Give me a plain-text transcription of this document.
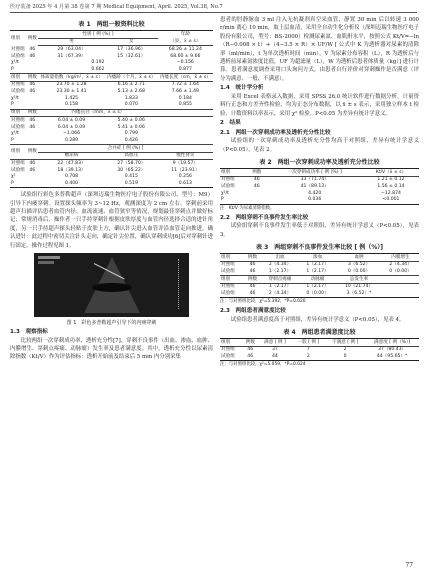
医疗装备 2025 年 4 月第 38 卷第 7 期 Medical Equipment, April. 2025, Vol.38, No.7
表 1　两组一般资料比较
组别	例数	性别 [ 例 (%) ]		年龄
		男	女	（岁，x̄ ± s）
对照组	46	29（63.04）	17（36.96）	68.26 ± 11.24
试验组	46	31（67.39）	15（32.61）	68.60 ± 9.66
χ²/t		0.192		−0.156
P		0.662		0.877
组别	例数	体质量指数（kg/m²，x̄ ± s）	内瘘龄（个月，x̄ ± s）	内瘘长度（cm，x̄ ± s）
对照组	46	23.70 ± 1.28	6.16 ± 2.71	7.72 ± 1.64
试验组	46	23.30 ± 1.41	5.13 ± 2.68	7.66 ± 1.49
χ²/t		1.425	1.833	0.184
P		0.158	0.070	0.855
组别	例数	内瘘直径（mm，x̄ ± s）		
对照组	46	6.04 ± 0.09	5.40 ± 0.06	
试验组	46	6.04 ± 0.09	5.41 ± 0.06	
χ²/t		−1.066	0.799	
P		0.289	0.426	
组别	例数	合并症 [ 例 (%) ]		
		糖尿病	高血压	慢性肾炎
对照组	46	22（47.83）	27（58.70）	9（19.57）
试验组	46	18（39.13）	30（65.22）	11（23.91）
χ²		0.708	0.415	0.256
P		0.400	0.519	0.613

试验组行彩色多普勒超声（深圳迈瑞生物医疗电子股份有限公司，型号：M9）引导下内瘘穿刺。设置探头频率为 3~12 Hz，观测深度为 2 cm 左右。穿刺前采用超声扫描评估患者血管内径、血流流速、血管狭窄等情况，规划最佳穿刺点并做好标记；常规消毒后，操作者一只手持穿刺针根据皮肤厚度与血管内径选择合适的进针角度，另一只手持超声探头轻贴于皮肤上方，确认针尖进入血管并沿血管走向推进，确认进针：此过程中密切关注针头走向，确定针尖位置，确认穿刺成功[6]后对穿刺针进行固定。操作过程见图 1。

图 1　彩色多普勒超声引导下的内瘘穿刺
1.3　观察指标

比较两组一次穿刺成功率、透析充分性[7]、穿刺不良事件（出血、渗血、血肿、内膜增生、穿刺点疼痛、动脉瘤）发生率及患者满意度。其中，透析充分性以尿素清除指数（Kt/V）作为评估指标：透析开始前及结束后 5 min 内分别采集

患者的肘静脉血 3 ml 注入无抗凝剂真空采血管，静置 30 min 后以转速 3 000 r/min 离心 10 min，取上层血清，采用全自动生化分析仪（深圳迈瑞生物医疗电子股份有限公司，型号：BS-2000）检测尿素氮、血肌酐水平，按照公式 Kt/V=−ln（R−0.008 × t）+（4−3.5 × R）× UF/W [ 公式中 K 为透析器对尿素的清除率（ml/min），t 为单次透析时间（min），V 为尿素分布容积（L），R 为透析后与透析前尿素氮浓度比值，UF 为超滤量（L），W 为透析后患者体质量（kg）] 进行计算。患者满意度调查采用口头询问方式，由患者自行评价对穿刺操作是否满意（评分为满意、一般、不满意）。

1.4　统计学分析

采用 Excel 表格录入数据，采用 SPSS 26.0 统计软件进行数据分析。计量资料行正态和方差齐性检验，均为正态分布数据，以 x̄ ± s 表示，采用独立样本 t 检验，计数资料以率表示，采用 χ² 检验。P<0.05 为差异有统计学意义。

2　结果
2.1　两组一次穿刺成功率及透析充分性比较

试验组的一次穿刺成功率及透析充分性均高于对照组，差异有统计学意义（P<0.05），见表 2。

表 2　两组一次穿刺成功率及透析充分性比较
组别	例数	一次穿刺成功率 [ 例 (%) ]	Kt/V（x̄ ± s）
对照组	46	33（71.74）	1.21 ± 0.12
试验组	46	41（89.13）	1.56 ± 0.14
χ²/t		4.420	−12.874
P		0.036	<0.001
注：Kt/V 为尿素清除指数。
2.2　两组穿刺不良事件发生率比较

试验组穿刺不良事件发生率低于对照组，差异有统计学意义（P<0.05），见表 3。

表 3　两组穿刺不良事件发生率比较 [ 例（%）]
组别	例数	出血	渗血	血肿	内膜增生
对照组	46	2（4.34）	1（2.17）	3（6.52）	2（4.34）
试验组	46	1（2.17）	1（2.17）	0（0.00）	0（0.00）
组别	例数	穿刺点疼痛	动脉瘤	总发生率	
对照组	46	1（2.17）	1（2.17）	10（21.74）	
试验组	46	2（4.34）	0（0.00）	3（6.52）*	
注：与对照组比较，χ²=5.392，*P=0.020
2.3　两组患者满意度比较

试验组患者满意度高于对照组，差异有统计学意义（P<0.05），见表 4。

表 4　两组患者满意度比较
组别	例数	满意 [ 例 ]	一般 [ 例 ]	不满意 [ 例 ]	满意度 [ 例（%）]
对照组	46	37	7	2	37（80.43）
试验组	46	44	2	0	44（95.65）*
注：与对照组比较，χ²=5.059，*P=0.024
77
